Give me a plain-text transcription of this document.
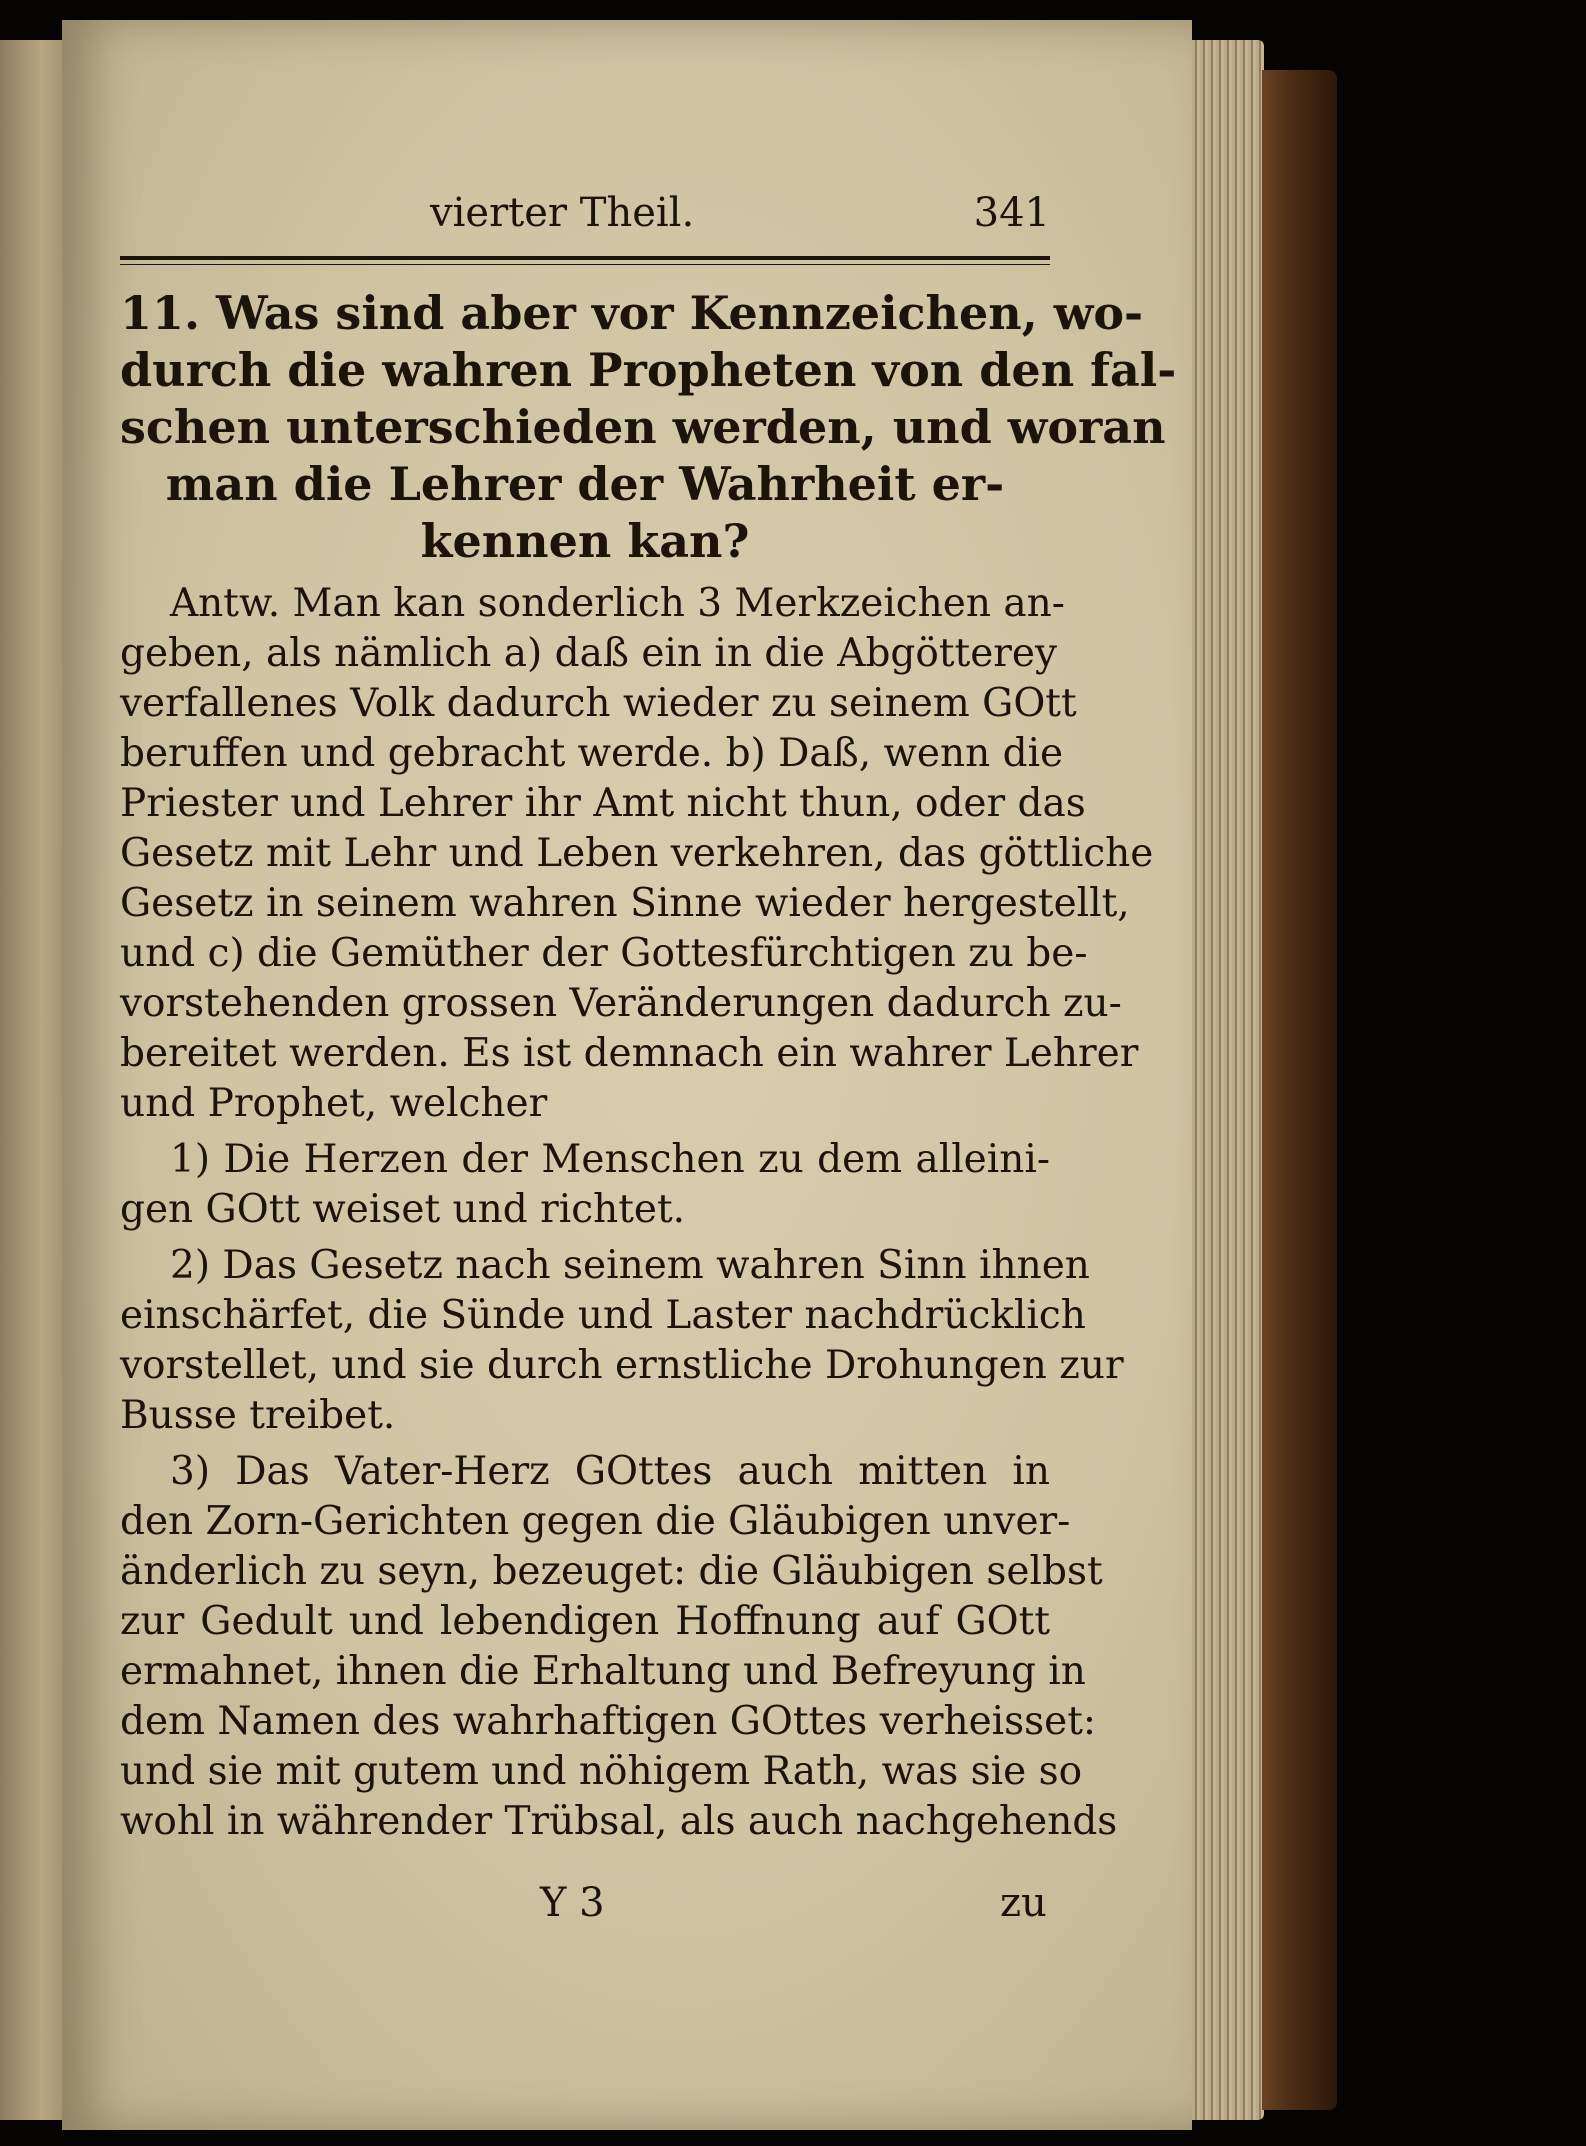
vierter Theil.	341

11. Was sind aber vor Kennzeichen, wo-

durch die wahren Propheten von den fal-

schen unterschieden werden, und woran

man die Lehrer der Wahrheit er-

kennen kan?

Antw. Man kan sonderlich 3 Merkzeichen an-

geben, als nämlich a) daß ein in die Abgötterey

verfallenes Volk dadurch wieder zu seinem GOtt

beruffen und gebracht werde. b) Daß, wenn die

Priester und Lehrer ihr Amt nicht thun, oder das

Gesetz mit Lehr und Leben verkehren, das göttliche

Gesetz in seinem wahren Sinne wieder hergestellt,

und c) die Gemüther der Gottesfürchtigen zu be-

vorstehenden grossen Veränderungen dadurch zu-

bereitet werden. Es ist demnach ein wahrer Lehrer

und Prophet, welcher

1) Die Herzen der Menschen zu dem alleini-

gen GOtt weiset und richtet.

2) Das Gesetz nach seinem wahren Sinn ihnen

einschärfet, die Sünde und Laster nachdrücklich

vorstellet, und sie durch ernstliche Drohungen zur

Busse treibet.

3) Das Vater-Herz GOttes auch mitten in

den Zorn-Gerichten gegen die Gläubigen unver-

änderlich zu seyn, bezeuget: die Gläubigen selbst

zur Gedult und lebendigen Hoffnung auf GOtt

ermahnet, ihnen die Erhaltung und Befreyung in

dem Namen des wahrhaftigen GOttes verheisset:

und sie mit gutem und nöhigem Rath, was sie so

wohl in währender Trübsal, als auch nachgehends

Y 3	zu
